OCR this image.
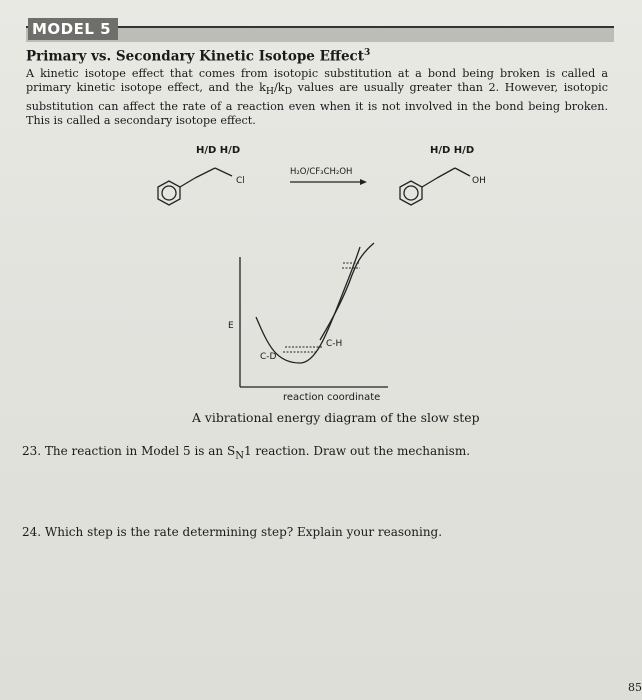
MODEL 5
Primary vs. Secondary Kinetic Isotope Effect$^3$
A kinetic isotope effect that comes from isotopic substitution at a bond being broken is called a primary kinetic isotope effect, and the $k_H/k_D$ values are usually greater than 2. However, isotopic substitution can affect the rate of a reaction even when it is not involved in the bond being broken. This is called a secondary isotope effect.
H/D H/D
Cl
H₂O/CF₃CH₂OH
H/D H/D
OH
E
C-D
C-H
reaction coordinate
A vibrational energy diagram of the slow step
23. The reaction in Model 5 is an $S_N1$ reaction. Draw out the mechanism.
24. Which step is the rate determining step? Explain your reasoning.
85
